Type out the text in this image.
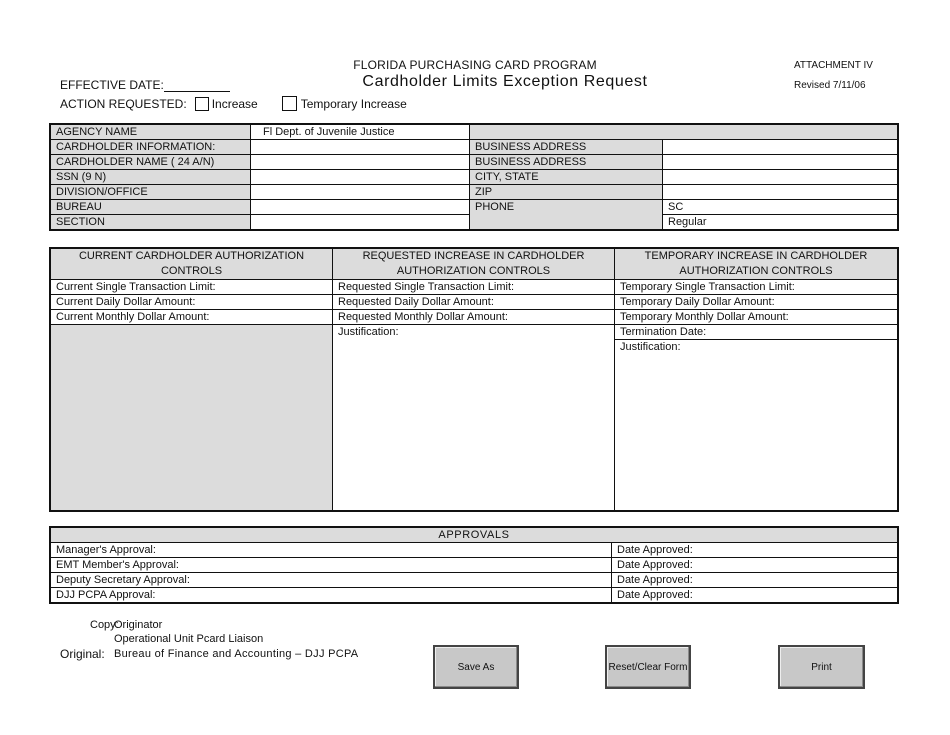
FLORIDA PURCHASING CARD PROGRAM
Cardholder Limits Exception Request
ATTACHMENT IV
Revised 7/11/06
EFFECTIVE DATE:
ACTION REQUESTED: Increase	Temporary Increase
AGENCY NAME	Fl Dept. of Juvenile Justice		
CARDHOLDER INFORMATION:		BUSINESS ADDRESS	
CARDHOLDER NAME ( 24 A/N)		BUSINESS ADDRESS	
SSN (9 N)		CITY, STATE	
DIVISION/OFFICE		ZIP	
BUREAU		PHONE	SC
SECTION			Regular
CURRENT CARDHOLDER AUTHORIZATION CONTROLS	REQUESTED INCREASE IN CARDHOLDER AUTHORIZATION CONTROLS	TEMPORARY INCREASE IN CARDHOLDER AUTHORIZATION CONTROLS
Current Single Transaction Limit:	Requested Single Transaction Limit:	Temporary Single Transaction Limit:
Current Daily Dollar Amount:	Requested Daily Dollar Amount:	Temporary Daily Dollar Amount:
Current Monthly Dollar Amount:	Requested Monthly Dollar Amount:	Temporary Monthly Dollar Amount:
	Justification:	Termination Date:
		Justification:
APPROVALS	
Manager's Approval:	Date Approved:
EMT Member's Approval:	Date Approved:
Deputy Secretary Approval:	Date Approved:
DJJ PCPA Approval:	Date Approved:
Copy:
Originator
Operational Unit Pcard Liaison
Original: Bureau of Finance and Accounting – DJJ PCPA
Save As	Reset/Clear Form	Print
